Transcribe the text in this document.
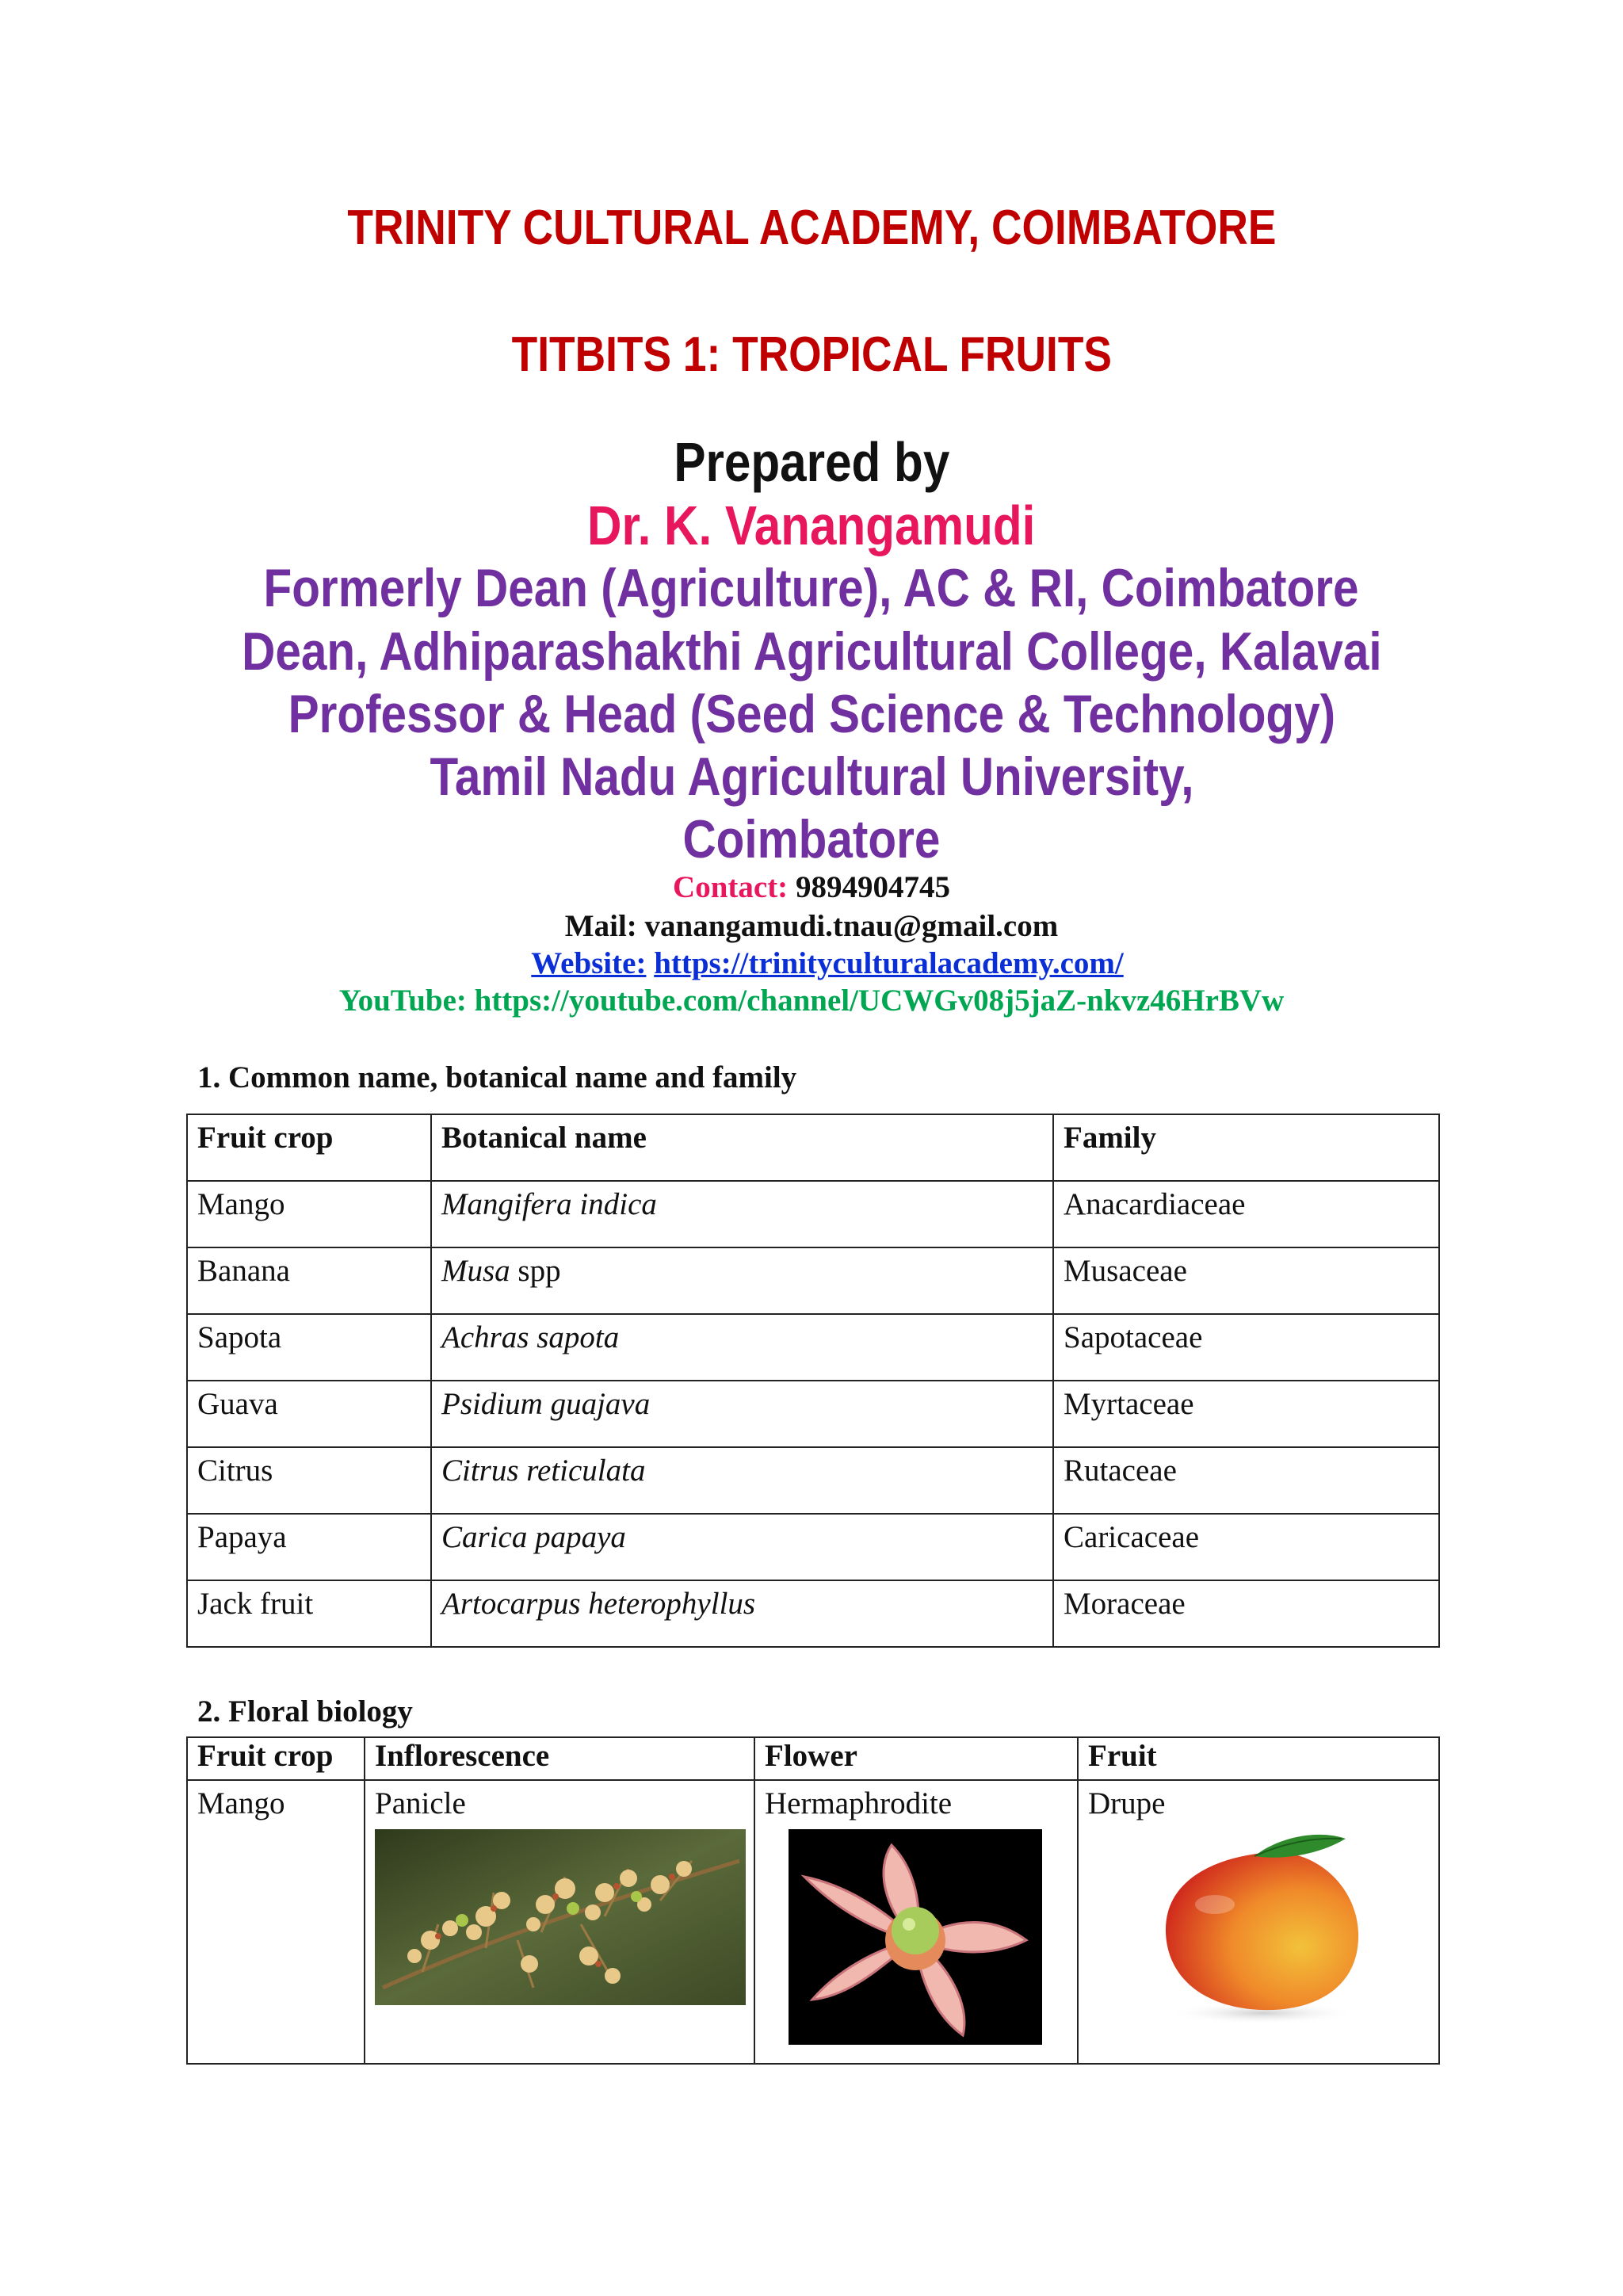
TRINITY CULTURAL ACADEMY, COIMBATORE
TITBITS 1: TROPICAL FRUITS
Prepared by
Dr. K. Vanangamudi
Formerly Dean (Agriculture), AC & RI, Coimbatore
Dean, Adhiparashakthi Agricultural College, Kalavai
Professor & Head (Seed Science & Technology)
Tamil Nadu Agricultural University,
Coimbatore
Contact: 9894904745
Mail: vanangamudi.tnau@gmail.com
Website: https://trinityculturalacademy.com/
YouTube: https://youtube.com/channel/UCWGv08j5jaZ-nkvz46HrBVw
1. Common name, botanical name and family
Fruit crop	Botanical name	Family
Mango	Mangifera indica	Anacardiaceae
Banana	Musa spp	Musaceae
Sapota	Achras sapota	Sapotaceae
Guava	Psidium guajava	Myrtaceae
Citrus	Citrus reticulata	Rutaceae
Papaya	Carica papaya	Caricaceae
Jack fruit	Artocarpus heterophyllus	Moraceae
2. Floral biology
Fruit crop	Inflorescence	Flower	Fruit
Mango	Panicle	Hermaphrodite	Drupe
